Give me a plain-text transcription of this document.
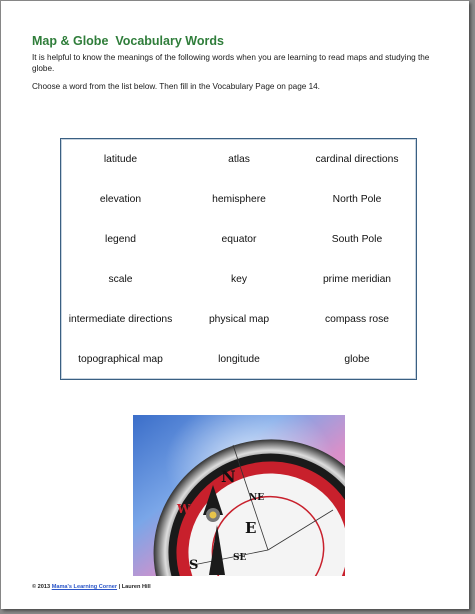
Map & Globe  Vocabulary Words

It is helpful to know the meanings of the following words when you are learning to read maps and studying the globe.

Choose a word from the list below. Then fill in the Vocabulary Page on page 14.

latitude	atlas	cardinal directions
elevation	hemisphere	North Pole
legend	equator	South Pole
scale	key	prime meridian
intermediate directions	physical map	compass rose
topographical map	longitude	globe
N
NE
E
SE
S
W

© 2013 Mama's Learning Corner | Lauren Hill
